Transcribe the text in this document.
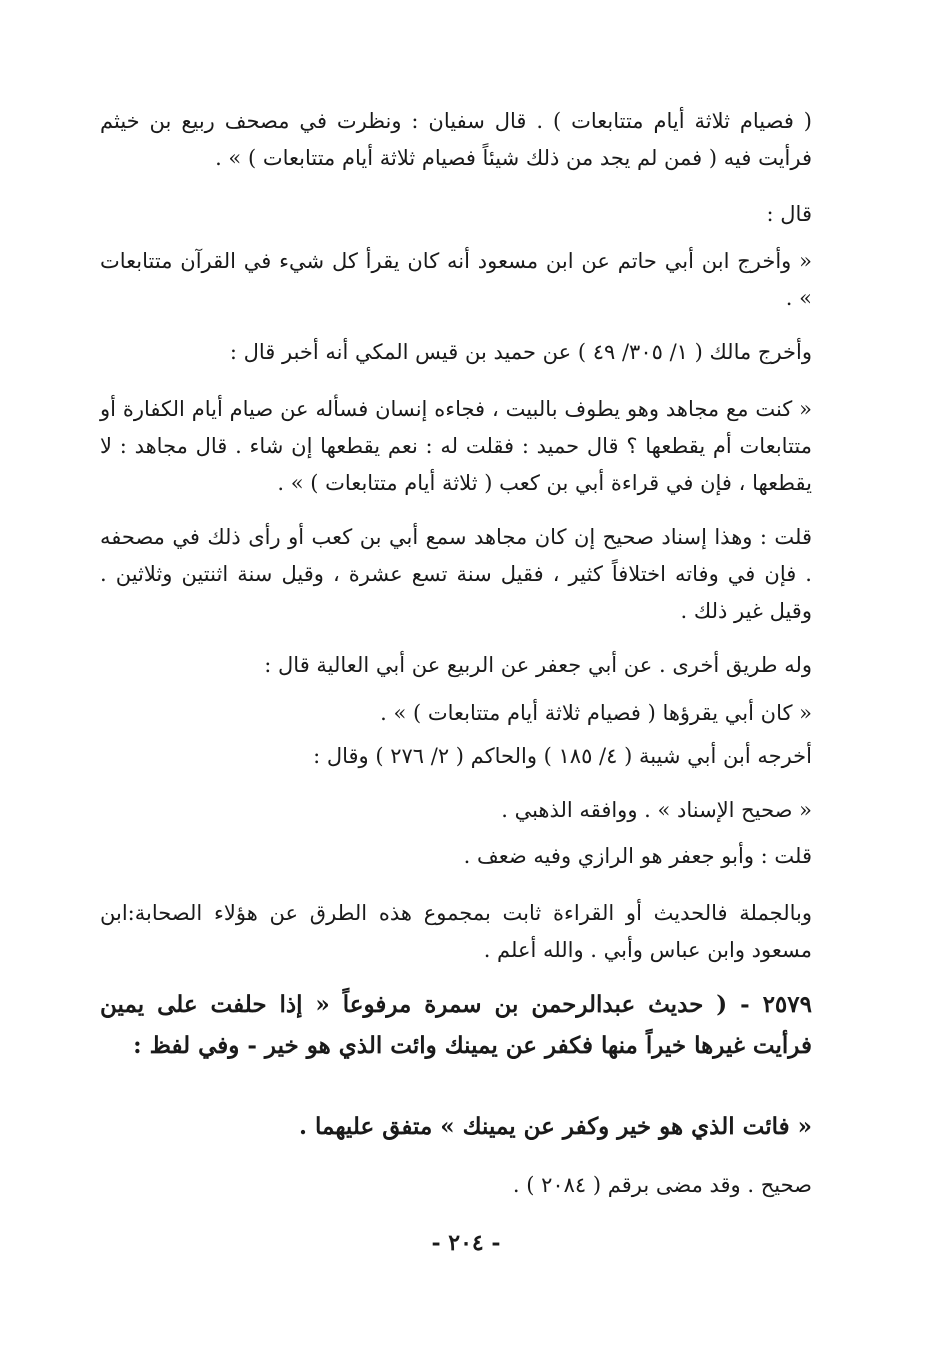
( فصيام ثلاثة أيام متتابعات ) . قال سفيان : ونظرت في مصحف ربيع بن خيثم فرأيت فيه ( فمن لم يجد من ذلك شيئاً فصيام ثلاثة أيام متتابعات ) » .
قال :
« وأخرج ابن أبي حاتم عن ابن مسعود أنه كان يقرأ كل شيء في القرآن متتابعات » .
وأخرج مالك ( ١/ ٣٠٥/ ٤٩ ) عن حميد بن قيس المكي أنه أخبر قال :
« كنت مع مجاهد وهو يطوف بالبيت ، فجاءه إنسان فسأله عن صيام أيام الكفارة أو متتابعات أم يقطعها ؟ قال حميد : فقلت له : نعم يقطعها إن شاء . قال مجاهد : لا يقطعها ، فإن في قراءة أبي بن كعب ( ثلاثة أيام متتابعات ) » .
قلت : وهذا إسناد صحيح إن كان مجاهد سمع أبي بن كعب أو رأى ذلك في مصحفه . فإن في وفاته اختلافاً كثير ، فقيل سنة تسع عشرة ، وقيل سنة اثنتين وثلاثين . وقيل غير ذلك .
وله طريق أخرى . عن أبي جعفر عن الربيع عن أبي العالية قال :
« كان أبي يقرؤها ( فصيام ثلاثة أيام متتابعات ) » .
أخرجه أبن أبي شيبة ( ٤/ ١٨٥ ) والحاكم ( ٢/ ٢٧٦ ) وقال :
« صحيح الإسناد » . ووافقه الذهبي .
قلت : وأبو جعفر هو الرازي وفيه ضعف .
وبالجملة فالحديث أو القراءة ثابت بمجموع هذه الطرق عن هؤلاء الصحابة:ابن مسعود وابن عباس وأبي . والله أعلم .
٢٥٧٩ - ( حديث عبدالرحمن بن سمرة مرفوعاً « إذا حلفت على يمين فرأيت غيرها خيراً منها فكفر عن يمينك وائت الذي هو خير - وفي لفظ :
« فائت الذي هو خير وكفر عن يمينك » متفق عليهما .
صحيح . وقد مضى برقم ( ٢٠٨٤ ) .
- ٢٠٤ -
